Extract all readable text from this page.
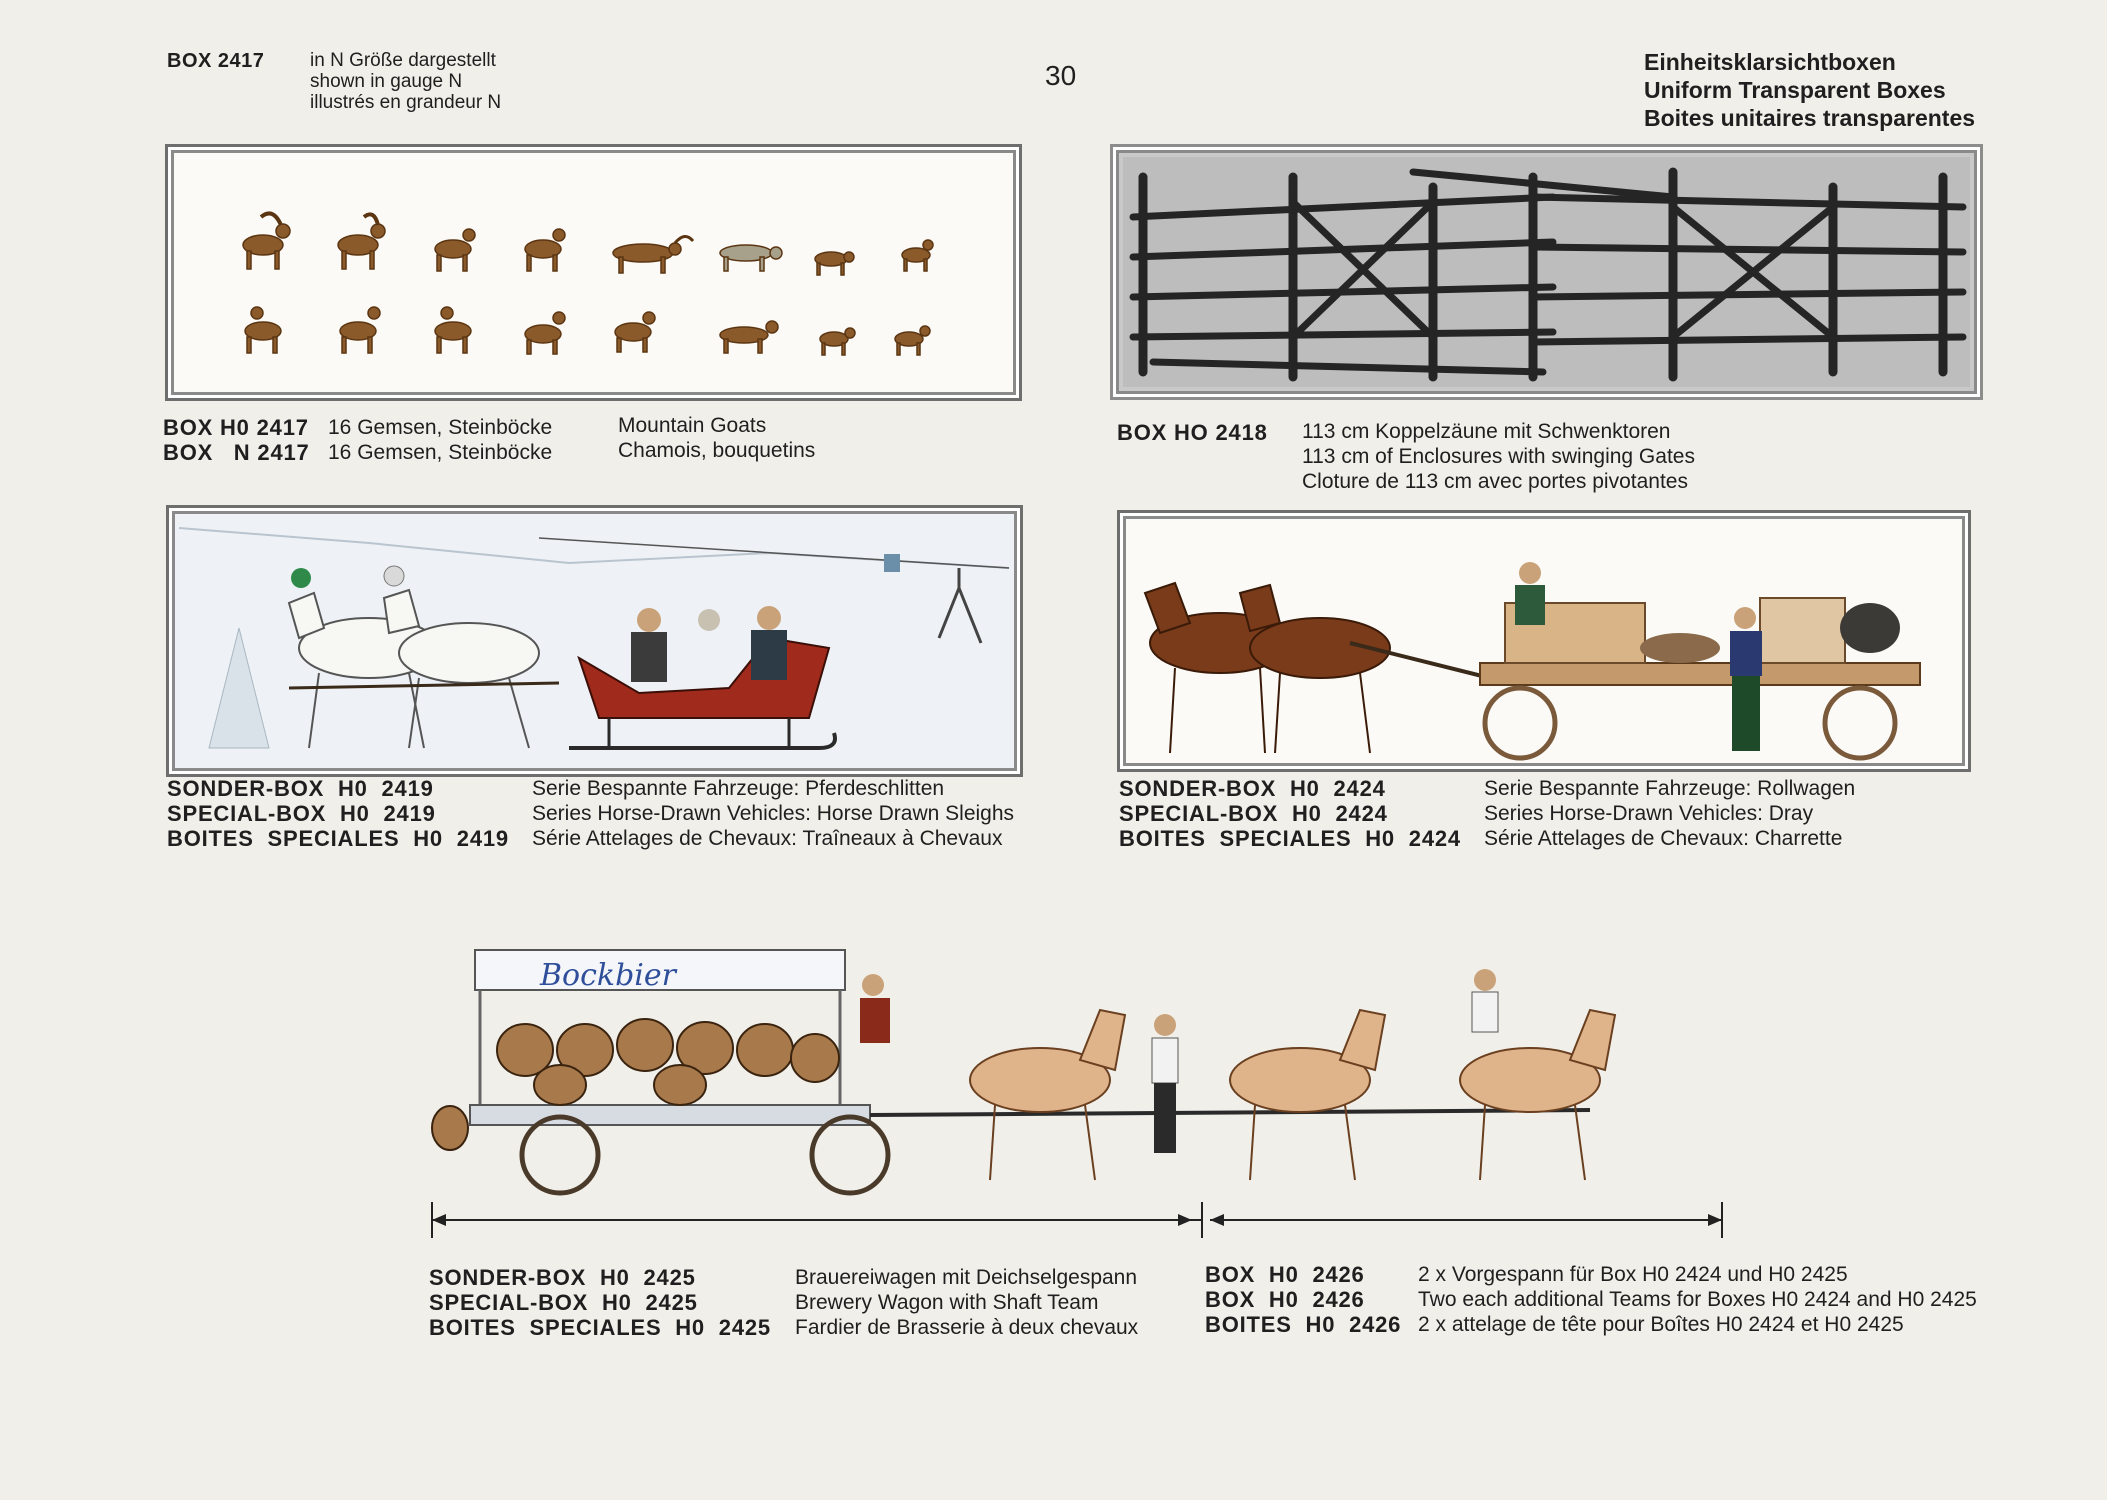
BOX 2417 in N Größe dargestellt
shown in gauge N
illustrés en grandeur N
30	Einheitsklarsichtboxen
Uniform Transparent Boxes
Boites unitaires transparentes
BOX H0 2417
BOX   N 2417
16 Gemsen, Steinböcke
16 Gemsen, Steinböcke
Mountain Goats
Chamois, bouquetins
BOX HO 2418 113 cm Koppelzäune mit Schwenktoren
113 cm of Enclosures with swinging Gates
Cloture de 113 cm avec portes pivotantes
SONDER-BOX  H0  2419
SPECIAL-BOX  H0  2419
BOITES  SPECIALES  H0  2419
Serie Bespannte Fahrzeuge: Pferdeschlitten
Series Horse-Drawn Vehicles: Horse Drawn Sleighs
Série Attelages de Chevaux: Traîneaux à Chevaux
SONDER-BOX  H0  2424
SPECIAL-BOX  H0  2424
BOITES  SPECIALES  H0  2424
Serie Bespannte Fahrzeuge: Rollwagen
Series Horse-Drawn Vehicles: Dray
Série Attelages de Chevaux: Charrette
Bockbier
SONDER-BOX  H0  2425
SPECIAL-BOX  H0  2425
BOITES  SPECIALES  H0  2425
Brauereiwagen mit Deichselgespann
Brewery Wagon with Shaft Team
Fardier de Brasserie à deux chevaux
BOX  H0  2426
BOX  H0  2426
BOITES  H0  2426
2 x Vorgespann für Box H0 2424 und H0 2425
Two each additional Teams for Boxes H0 2424 and H0 2425
2 x attelage de tête pour Boîtes H0 2424 et H0 2425
